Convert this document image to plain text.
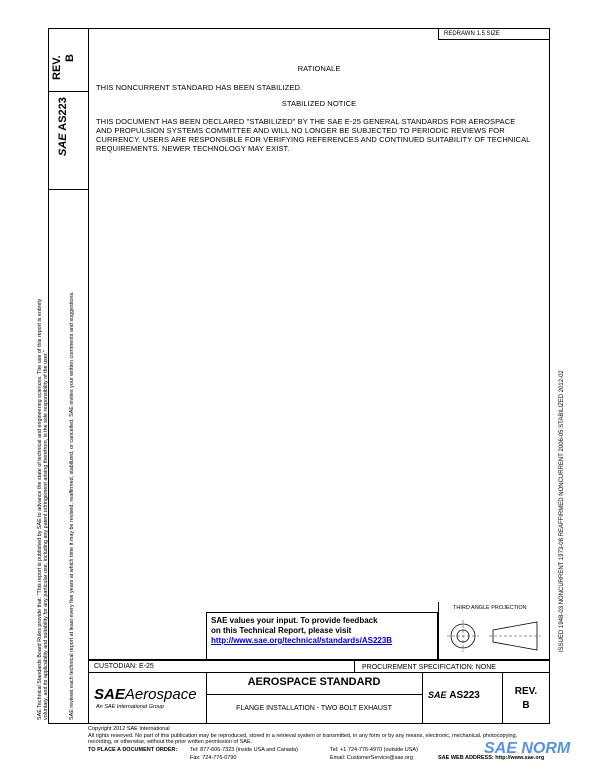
REV. B
SAE AS223
SAE Technical Standards Board Rules provide that: "This report is published by SAE to advance the state of technical and engineering sciences. The use of this report is entirely voluntary, and its applicability and suitability for any particular use, including any patent infringement arising therefrom, is the sole responsibility of the user."	SAE reviews each technical report at least every five years at which time it may be revised, reaffirmed, stabilized, or cancelled. SAE invites your written comments and suggestions.
REDRAWN 1.5 SIZE
RATIONALE
THIS NONCURRENT STANDARD HAS BEEN STABILIZED.
STABILIZED NOTICE
THIS DOCUMENT HAS BEEN DECLARED "STABILIZED" BY THE SAE E-25 GENERAL STANDARDS FOR AEROSPACE AND PROPULSION SYSTEMS COMMITTEE AND WILL NO LONGER BE SUBJECTED TO PERIODIC REVIEWS FOR CURRENCY. USERS ARE RESPONSIBLE FOR VERIFYING REFERENCES AND CONTINUED SUITABILITY OF TECHNICAL REQUIREMENTS. NEWER TECHNOLOGY MAY EXIST.
ISSUED 1948-03 NONCURRENT 1973-08 REAFFIRMED NONCURRENT 2006-05 STABILIZED 2012-02
SAE values your input. To provide feedback
on this Technical Report, please visit
http://www.sae.org/technical/standards/AS223B
THIRD ANGLE PROJECTION
CUSTODIAN: E-25	PROCUREMENT SPECIFICATION: NONE
SAEAerospace
An SAE International Group
AEROSPACE STANDARD
FLANGE INSTALLATION - TWO BOLT EXHAUST
SAE AS223	REV.
B
Copyright 2012 SAE International
All rights reserved. No part of this publication may be reproduced, stored in a retrieval system or transmitted, in any form or by any means, electronic, mechanical, photocopying,
recording, or otherwise, without the prior written permission of SAE.
TO PLACE A DOCUMENT ORDER: Tel: 877-606-7323 (inside USA and Canada)
Fax: 724-776-0790
Tel: +1 724-776-4970 (outside USA)
Email: CustomerService@sae.org	SAE WEB ADDRESS: http://www.sae.org
SAE NORM
